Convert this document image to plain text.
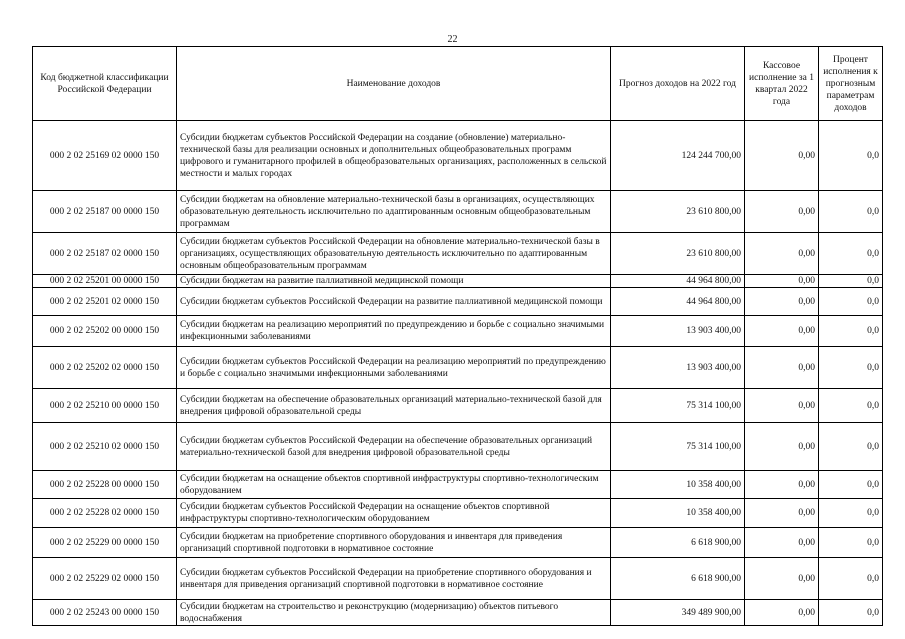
22
Код бюджетной классификации Российской Федерации	Наименование доходов	Прогноз доходов на 2022 год	Кассовое исполнение за 1 квартал 2022 года	Процент исполнения к прогнозным параметрам доходов
000 2 02 25169 02 0000 150	Субсидии бюджетам субъектов Российской Федерации на создание (обновление) материально-технической базы для реализации основных и дополнительных общеобразовательных программ цифрового и гуманитарного профилей в общеобразовательных организациях, расположенных в сельской местности и малых городах	124 244 700,00	0,00	0,0
000 2 02 25187 00 0000 150	Субсидии бюджетам на обновление материально-технической базы в организациях, осуществляющих образовательную деятельность исключительно по адаптированным основным общеобразовательным программам	23 610 800,00	0,00	0,0
000 2 02 25187 02 0000 150	Субсидии бюджетам субъектов Российской Федерации на обновление материально-технической базы в организациях, осуществляющих образовательную деятельность исключительно по адаптированным основным общеобразовательным программам	23 610 800,00	0,00	0,0
000 2 02 25201 00 0000 150	Субсидии бюджетам на развитие паллиативной медицинской помощи	44 964 800,00	0,00	0,0
000 2 02 25201 02 0000 150	Субсидии бюджетам субъектов Российской Федерации на развитие паллиативной медицинской помощи	44 964 800,00	0,00	0,0
000 2 02 25202 00 0000 150	Субсидии бюджетам на реализацию мероприятий по предупреждению и борьбе с социально значимыми инфекционными заболеваниями	13 903 400,00	0,00	0,0
000 2 02 25202 02 0000 150	Субсидии бюджетам субъектов Российской Федерации на реализацию мероприятий по предупреждению и борьбе с социально значимыми инфекционными заболеваниями	13 903 400,00	0,00	0,0
000 2 02 25210 00 0000 150	Субсидии бюджетам на обеспечение образовательных организаций материально-технической базой для внедрения цифровой образовательной среды	75 314 100,00	0,00	0,0
000 2 02 25210 02 0000 150	Субсидии бюджетам субъектов Российской Федерации на обеспечение образовательных организаций материально-технической базой для внедрения цифровой образовательной среды	75 314 100,00	0,00	0,0
000 2 02 25228 00 0000 150	Субсидии бюджетам на оснащение объектов спортивной инфраструктуры спортивно-технологическим оборудованием	10 358 400,00	0,00	0,0
000 2 02 25228 02 0000 150	Субсидии бюджетам субъектов Российской Федерации на оснащение объектов спортивной инфраструктуры спортивно-технологическим оборудованием	10 358 400,00	0,00	0,0
000 2 02 25229 00 0000 150	Субсидии бюджетам на приобретение спортивного оборудования и инвентаря для приведения организаций спортивной подготовки в нормативное состояние	6 618 900,00	0,00	0,0
000 2 02 25229 02 0000 150	Субсидии бюджетам субъектов Российской Федерации на приобретение спортивного оборудования и инвентаря для приведения организаций спортивной подготовки в нормативное состояние	6 618 900,00	0,00	0,0
000 2 02 25243 00 0000 150	Субсидии бюджетам на строительство и реконструкцию (модернизацию) объектов питьевого водоснабжения	349 489 900,00	0,00	0,0
